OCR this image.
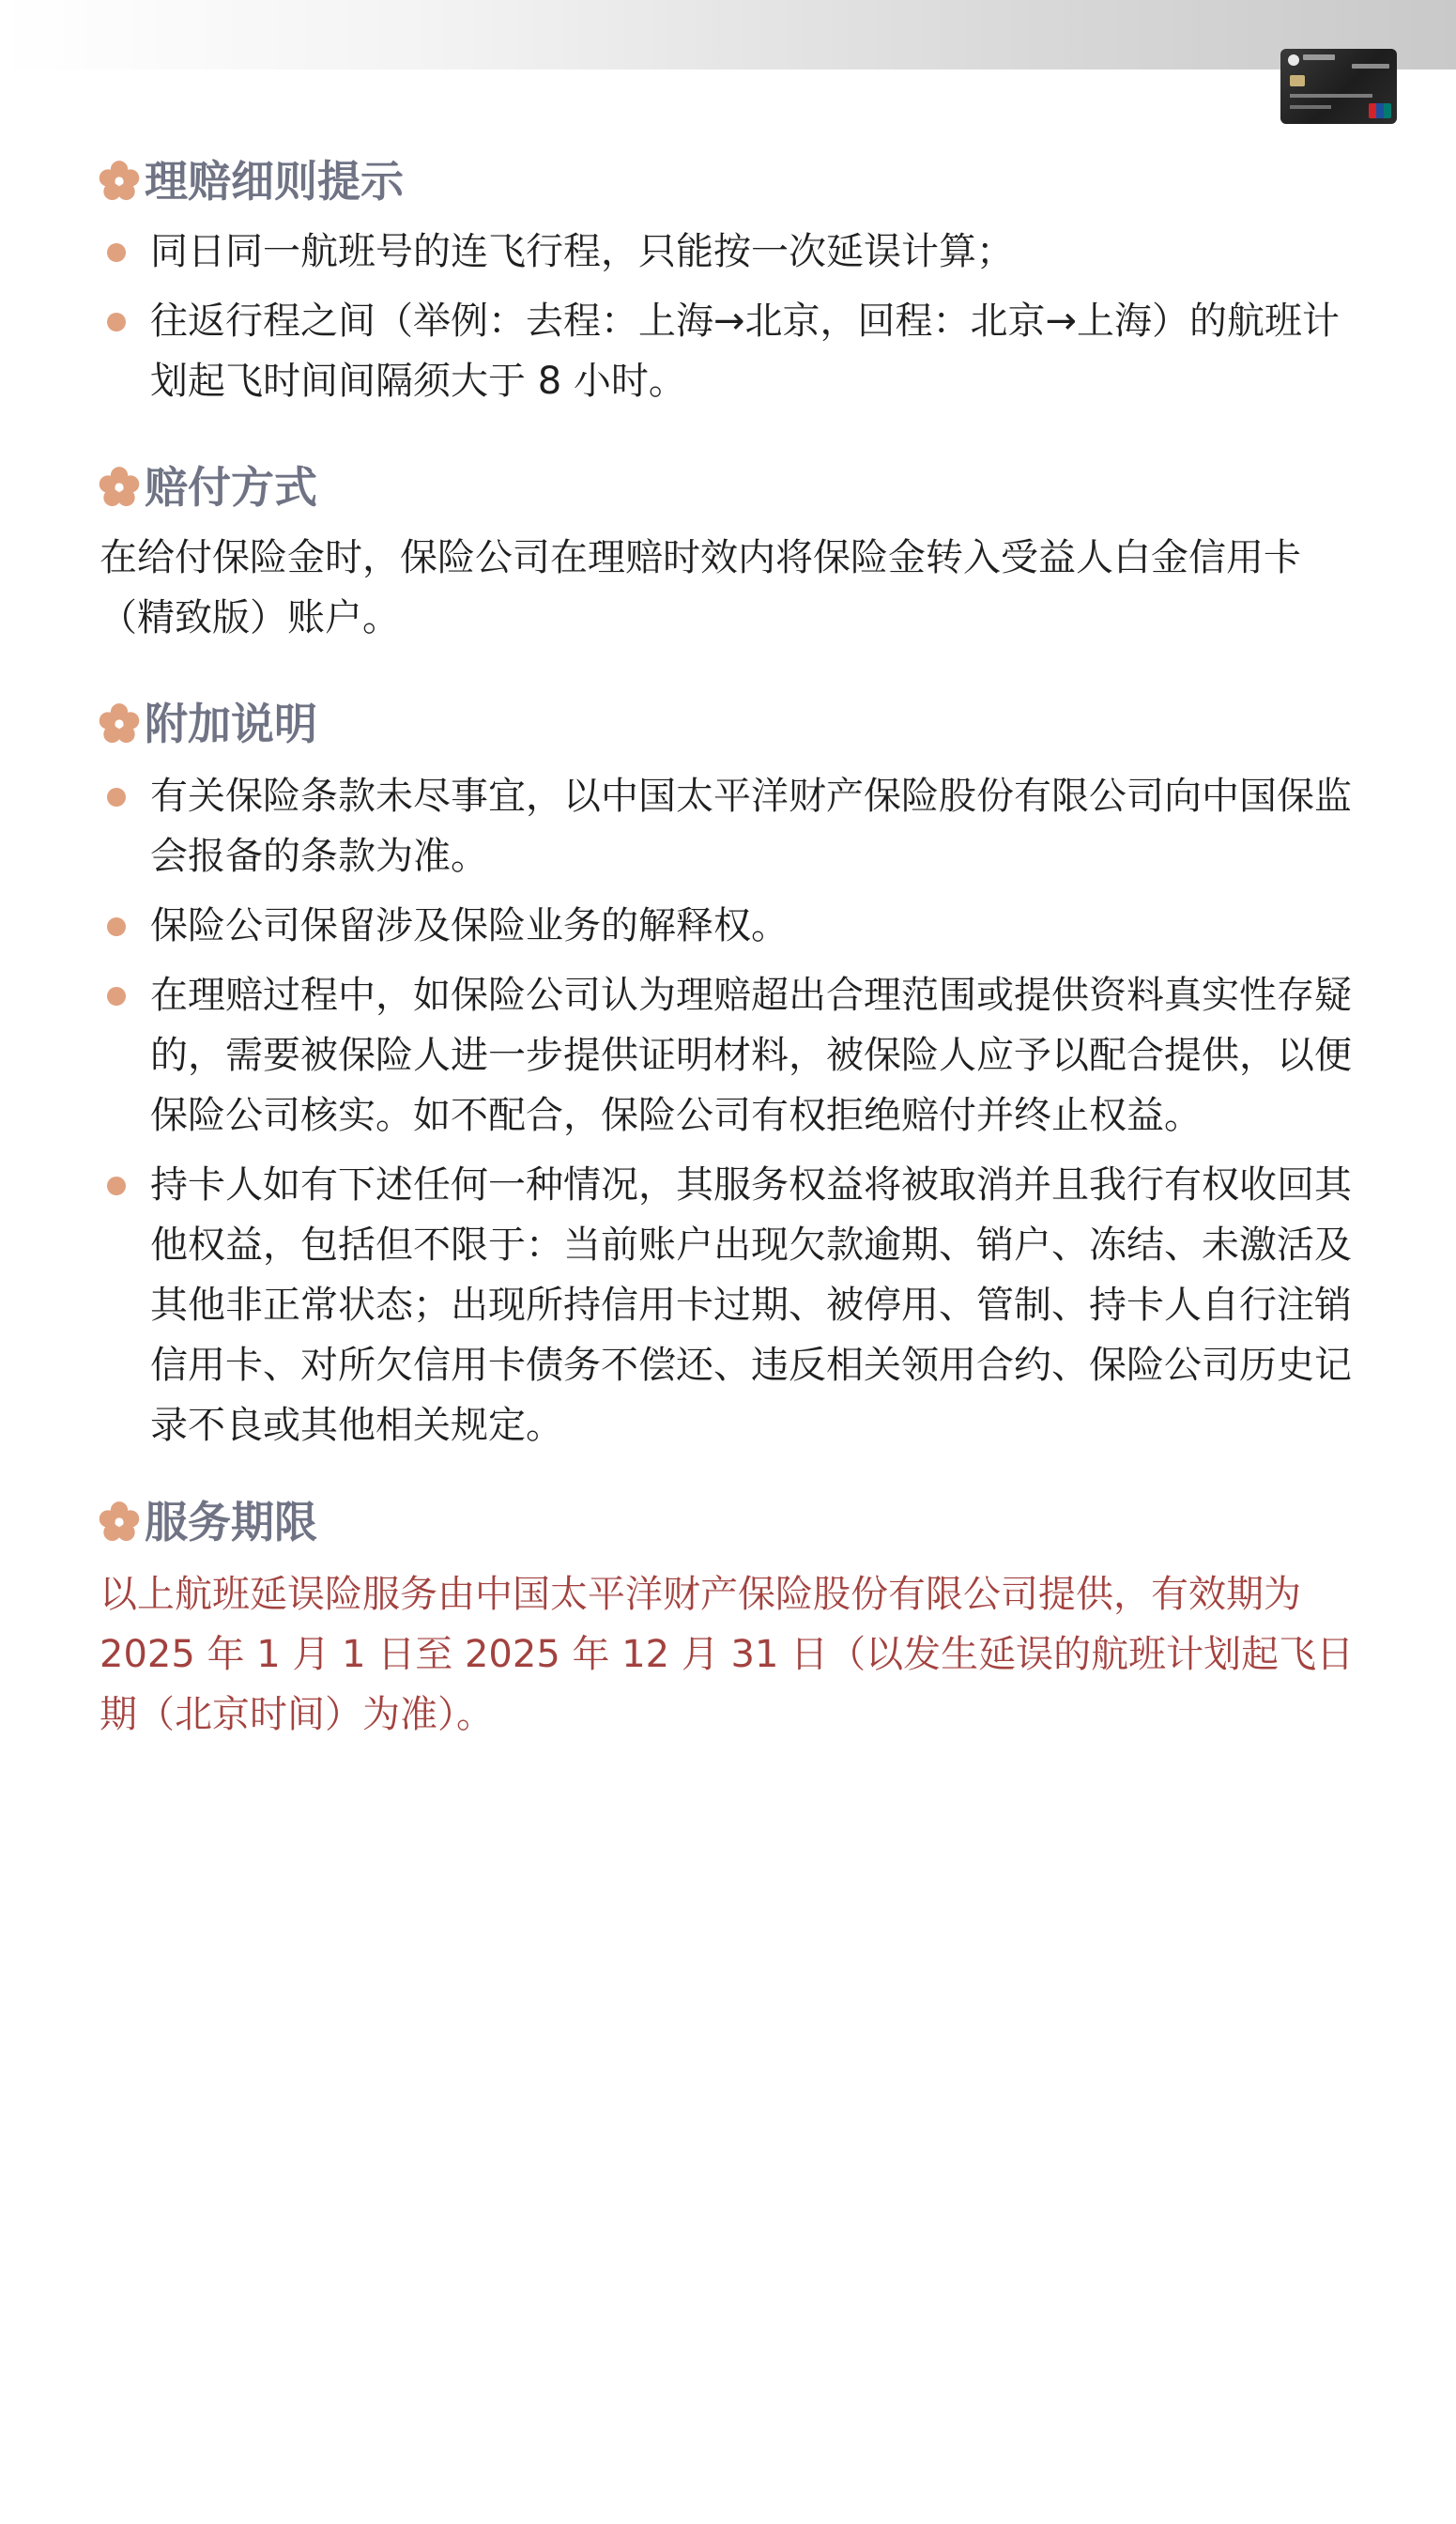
理赔细则提示
同日同一航班号的连飞行程，只能按一次延误计算；
往返行程之间（举例：去程：上海→北京，回程：北京→上海）的航班计划起飞时间间隔须大于 8 小时。
赔付方式

在给付保险金时，保险公司在理赔时效内将保险金转入受益人白金信用卡（精致版）账户。

附加说明
有关保险条款未尽事宜，以中国太平洋财产保险股份有限公司向中国保监会报备的条款为准。
保险公司保留涉及保险业务的解释权。
在理赔过程中，如保险公司认为理赔超出合理范围或提供资料真实性存疑的，需要被保险人进一步提供证明材料，被保险人应予以配合提供，以便保险公司核实。如不配合，保险公司有权拒绝赔付并终止权益。
持卡人如有下述任何一种情况，其服务权益将被取消并且我行有权收回其他权益，包括但不限于：当前账户出现欠款逾期、销户、冻结、未激活及其他非正常状态；出现所持信用卡过期、被停用、管制、持卡人自行注销信用卡、对所欠信用卡债务不偿还、违反相关领用合约、保险公司历史记录不良或其他相关规定。
服务期限

以上航班延误险服务由中国太平洋财产保险股份有限公司提供，有效期为 2025 年 1 月 1 日至 2025 年 12 月 31 日（以发生延误的航班计划起飞日期（北京时间）为准）。
